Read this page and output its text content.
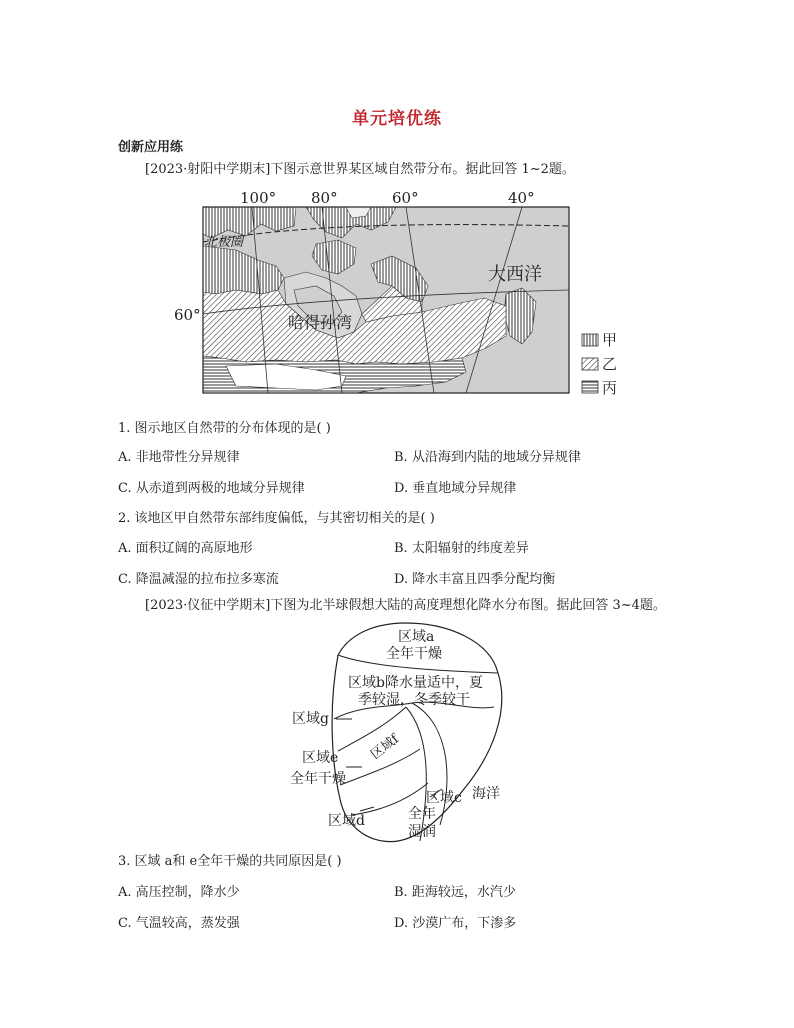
单元培优练
创新应用练
[2023·射阳中学期末]下图示意世界某区域自然带分布。据此回答 1~2题。
100° 80°	60°	40°
60°
北极圈
大西洋
哈得孙湾
甲
乙
丙
1. 图示地区自然带的分布体现的是( )
A. 非地带性分异规律	B. 从沿海到内陆的地域分异规律
C. 从赤道到两极的地域分异规律	D. 垂直地域分异规律
2. 该地区甲自然带东部纬度偏低，与其密切相关的是( )
A. 面积辽阔的高原地形	B. 太阳辐射的纬度差异
C. 降温减湿的拉布拉多寒流	D. 降水丰富且四季分配均衡
[2023·仪征中学期末]下图为北半球假想大陆的高度理想化降水分布图。据此回答 3~4题。
区域a
全年干燥
区域b降水量适中，夏
季较湿，冬季较干
区域g
区域f
区域e
全年干燥
区域c 海洋
区域d	全年
湿润
3. 区域 a和 e全年干燥的共同原因是( )
A. 高压控制，降水少	B. 距海较远，水汽少
C. 气温较高，蒸发强	D. 沙漠广布，下渗多
